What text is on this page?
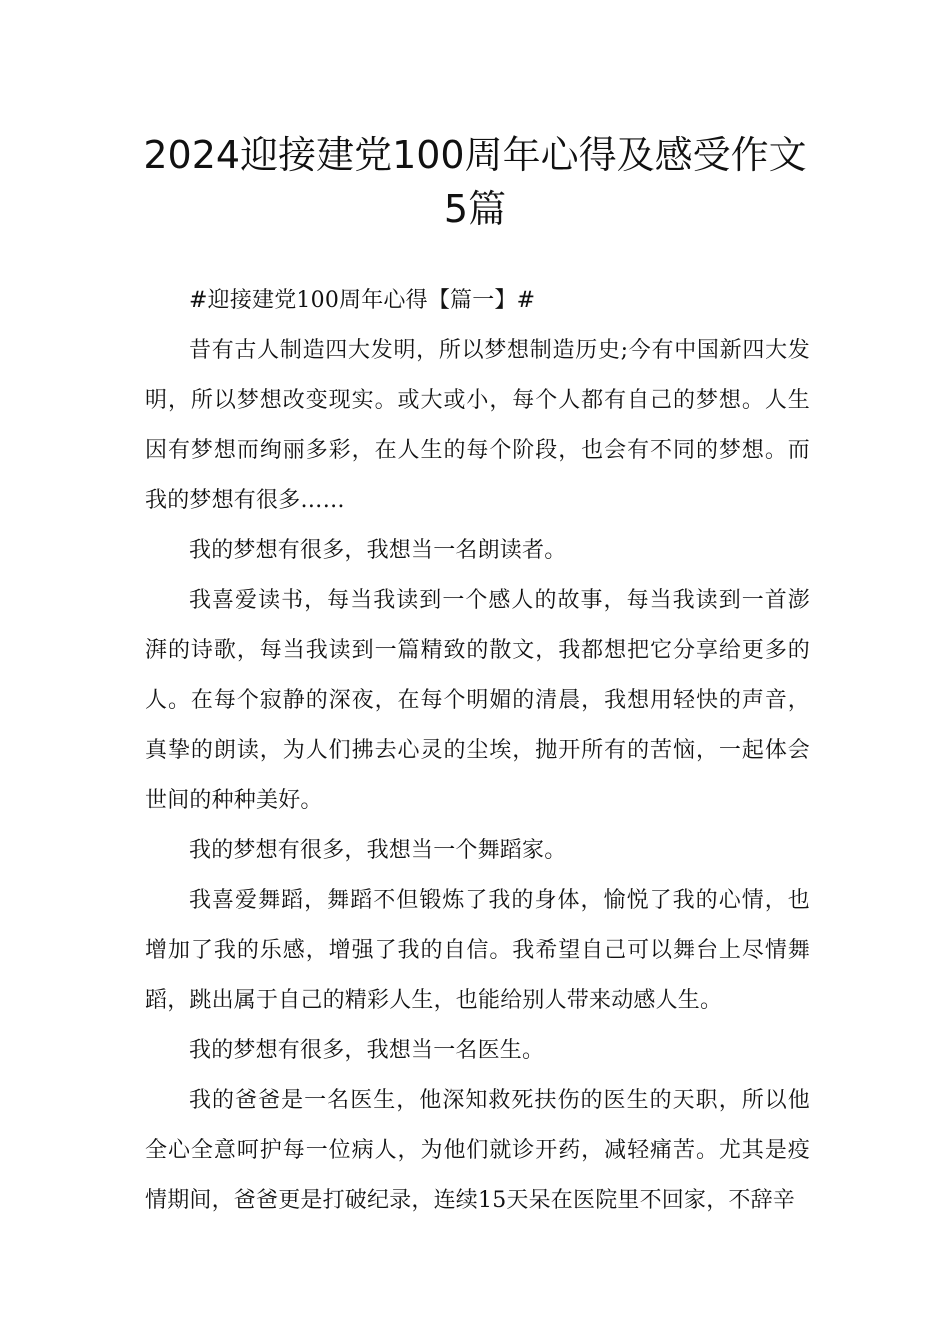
2024迎接建党100周年心得及感受作文
5篇

#迎接建党100周年心得【篇一】#

昔有古人制造四大发明，所以梦想制造历史;今有中国新四大发明，所以梦想改变现实。或大或小，每个人都有自己的梦想。人生因有梦想而绚丽多彩，在人生的每个阶段，也会有不同的梦想。而我的梦想有很多……

我的梦想有很多，我想当一名朗读者。

我喜爱读书，每当我读到一个感人的故事，每当我读到一首澎湃的诗歌，每当我读到一篇精致的散文，我都想把它分享给更多的人。在每个寂静的深夜，在每个明媚的清晨，我想用轻快的声音，真挚的朗读，为人们拂去心灵的尘埃，抛开所有的苦恼，一起体会世间的种种美好。

我的梦想有很多，我想当一个舞蹈家。

我喜爱舞蹈，舞蹈不但锻炼了我的身体，愉悦了我的心情，也增加了我的乐感，增强了我的自信。我希望自己可以舞台上尽情舞蹈，跳出属于自己的精彩人生，也能给别人带来动感人生。

我的梦想有很多，我想当一名医生。

我的爸爸是一名医生，他深知救死扶伤的医生的天职，所以他全心全意呵护每一位病人，为他们就诊开药，减轻痛苦。尤其是疫情期间，爸爸更是打破纪录，连续15天呆在医院里不回家，不辞辛
